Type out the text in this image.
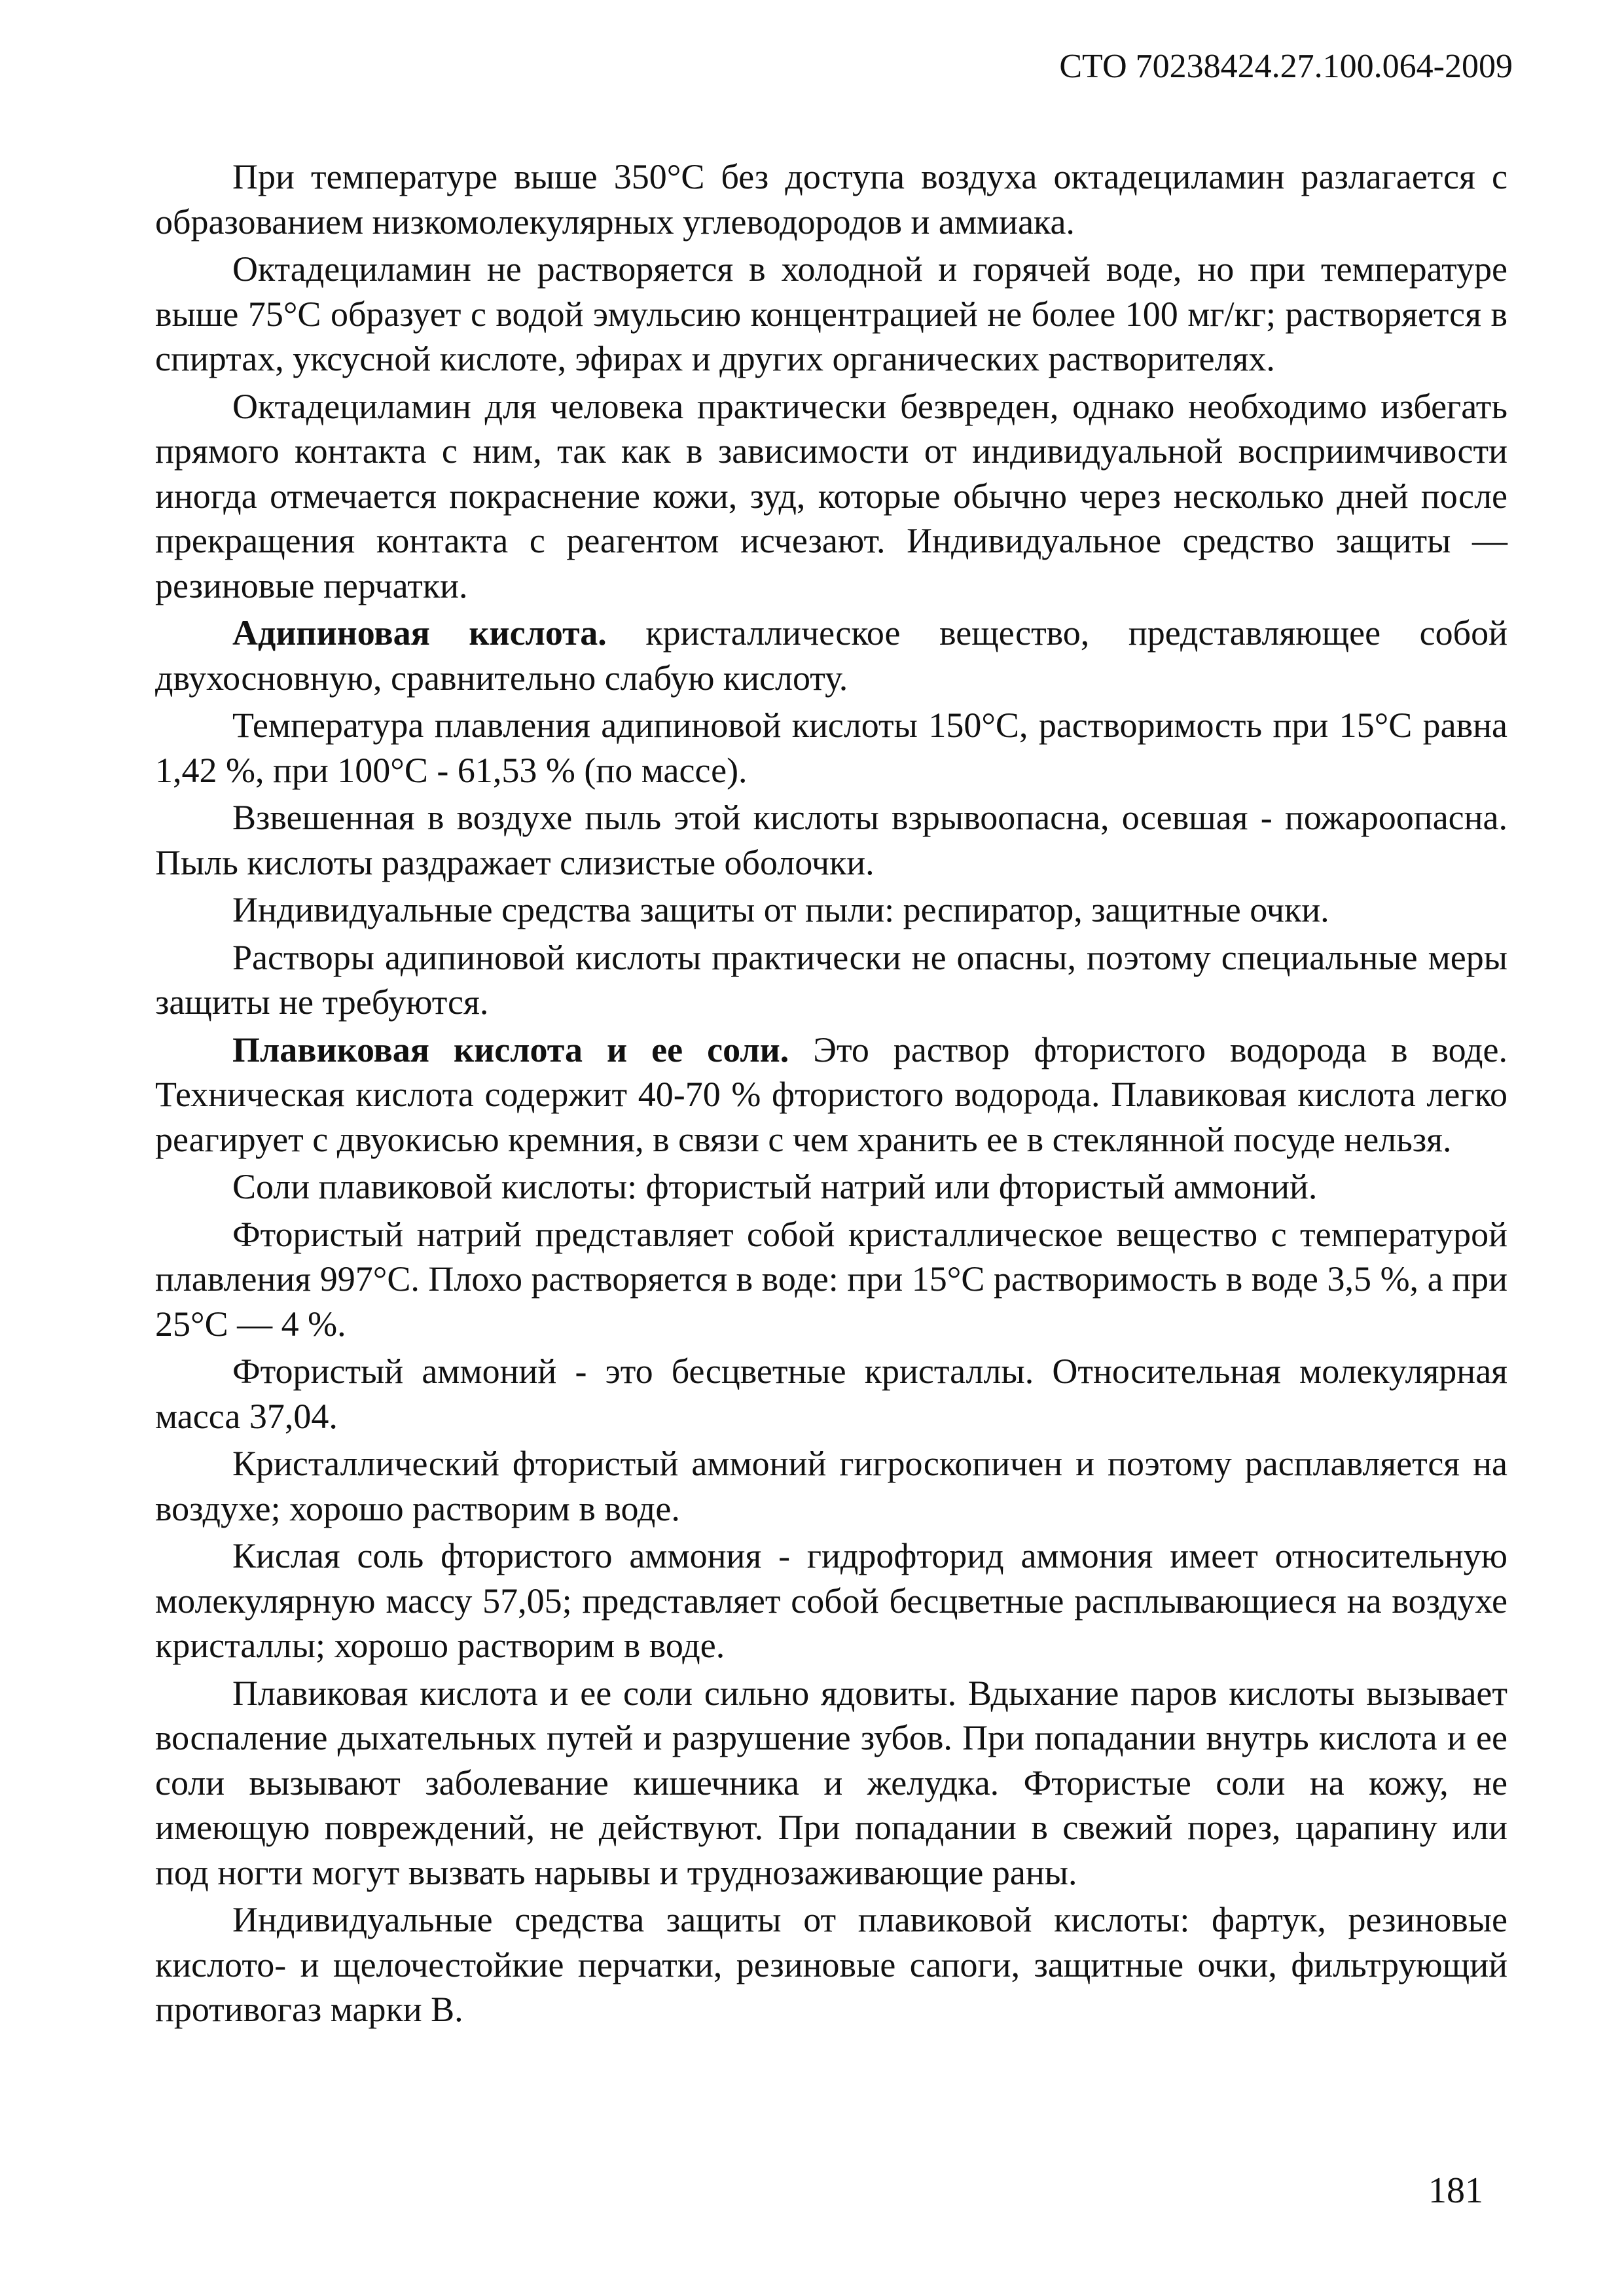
СТО 70238424.27.100.064-2009

При температуре выше 350°С без доступа воздуха октадециламин разлагается с образованием низкомолекулярных углеводородов и аммиака.

Октадециламин не растворяется в холодной и горячей воде, но при температуре выше 75°С образует с водой эмульсию концентрацией не более 100 мг/кг; растворяется в спиртах, уксусной кислоте, эфирах и других органических растворителях.

Октадециламин для человека практически безвреден, однако необходимо избегать прямого контакта с ним, так как в зависимости от индивидуальной восприимчивости иногда отмечается покраснение кожи, зуд, которые обычно через несколько дней после прекращения контакта с реагентом исчезают. Индивидуальное средство защиты — резиновые перчатки.

Адипиновая кислота. кристаллическое вещество, представляющее собой двухосновную, сравнительно слабую кислоту.

Температура плавления адипиновой кислоты 150°С, растворимость при 15°С равна 1,42 %, при 100°С - 61,53 % (по массе).

Взвешенная в воздухе пыль этой кислоты взрывоопасна, осевшая - пожароопасна. Пыль кислоты раздражает слизистые оболочки.

Индивидуальные средства защиты от пыли: респиратор, защитные очки.

Растворы адипиновой кислоты практически не опасны, поэтому специальные меры защиты не требуются.

Плавиковая кислота и ее соли. Это раствор фтористого водорода в воде. Техническая кислота содержит 40-70 % фтористого водорода. Плавиковая кислота легко реагирует с двуокисью кремния, в связи с чем хранить ее в стеклянной посуде нельзя.

Соли плавиковой кислоты: фтористый натрий или фтористый аммоний.

Фтористый натрий представляет собой кристаллическое вещество с температурой плавления 997°С. Плохо растворяется в воде: при 15°С растворимость в воде 3,5 %, а при 25°С — 4 %.

Фтористый аммоний - это бесцветные кристаллы. Относительная молекулярная масса 37,04.

Кристаллический фтористый аммоний гигроскопичен и поэтому расплавляется на воздухе; хорошо растворим в воде.

Кислая соль фтористого аммония - гидрофторид аммония имеет относительную молекулярную массу 57,05; представляет собой бесцветные расплывающиеся на воздухе кристаллы; хорошо растворим в воде.

Плавиковая кислота и ее соли сильно ядовиты. Вдыхание паров кислоты вызывает воспаление дыхательных путей и разрушение зубов. При попадании внутрь кислота и ее соли вызывают заболевание кишечника и желудка. Фтористые соли на кожу, не имеющую повреждений, не действуют. При попадании в свежий порез, царапину или под ногти могут вызвать нарывы и труднозаживающие раны.

Индивидуальные средства защиты от плавиковой кислоты: фартук, резиновые кислото- и щелочестойкие перчатки, резиновые сапоги, защитные очки, фильтрующий противогаз марки В.

181
